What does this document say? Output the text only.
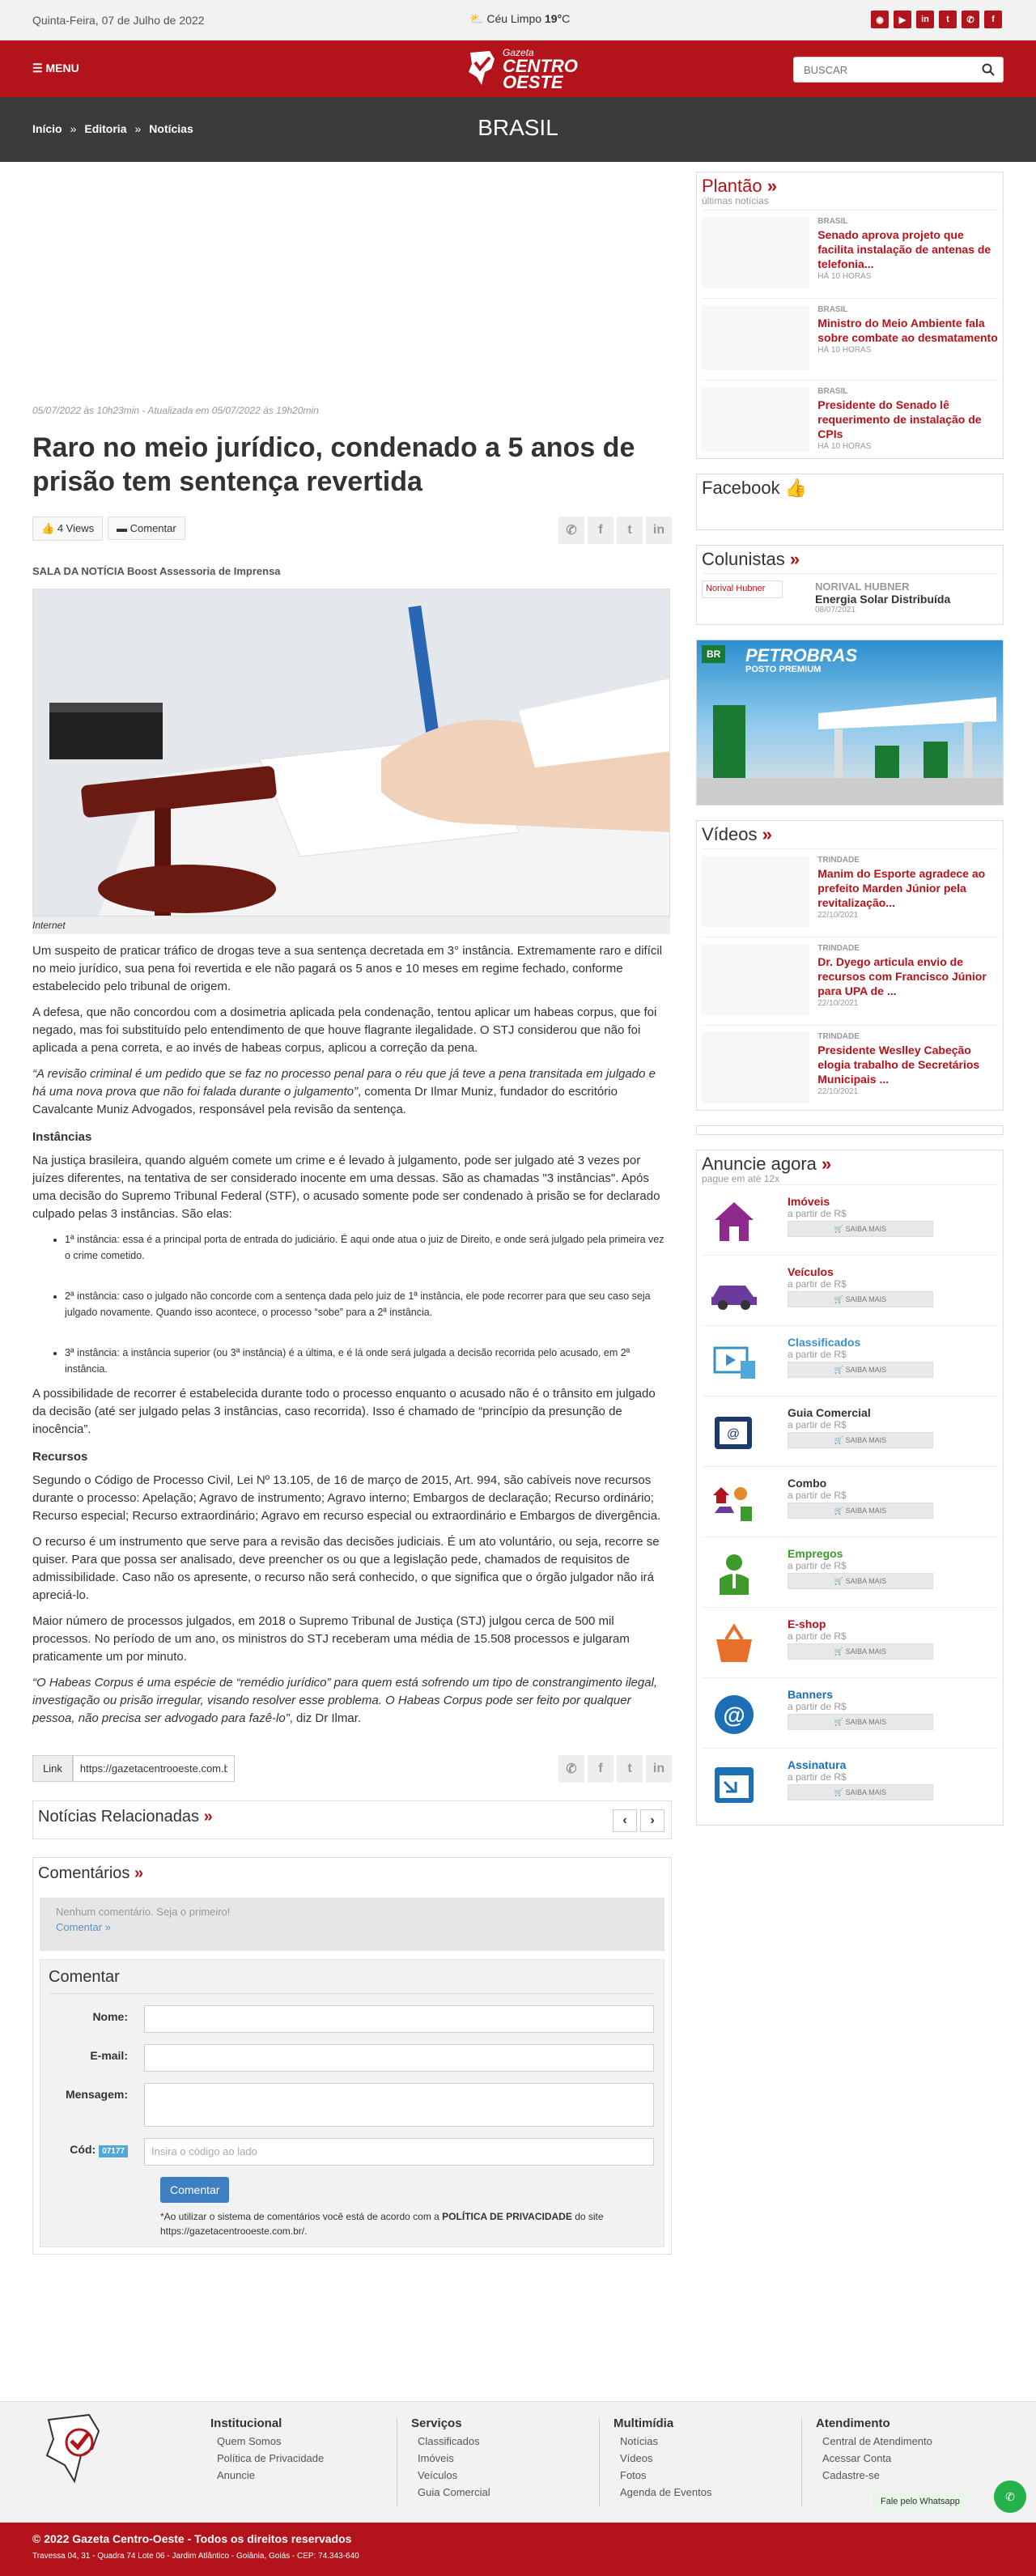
Quinta-Feira, 07 de Julho de 2022	⛅ Céu Limpo 19°C	◉	▶	in	t	✆	f
☰ MENU
Gazeta
CENTRO
OESTE
BUSCAR
BRASIL
Início » Editoria » Notícias
05/07/2022 às 10h23min - Atualizada em 05/07/2022 às 19h20min
Raro no meio jurídico, condenado a 5 anos de prisão tem sentença revertida
👍 4 Views ▬ Comentar	✆	f	t	in
SALA DA NOTÍCIA Boost Assessoria de Imprensa
Internet

Um suspeito de praticar tráfico de drogas teve a sua sentença decretada em 3° instância. Extremamente raro e difícil no meio jurídico, sua pena foi revertida e ele não pagará os 5 anos e 10 meses em regime fechado, conforme estabelecido pelo tribunal de origem.

A defesa, que não concordou com a dosimetria aplicada pela condenação, tentou aplicar um habeas corpus, que foi negado, mas foi substituído pelo entendimento de que houve flagrante ilegalidade. O STJ considerou que não foi aplicada a pena correta, e ao invés de habeas corpus, aplicou a correção da pena.

“A revisão criminal é um pedido que se faz no processo penal para o réu que já teve a pena transitada em julgado e há uma nova prova que não foi falada durante o julgamento”, comenta Dr Ilmar Muniz, fundador do escritório Cavalcante Muniz Advogados, responsável pela revisão da sentença.

Instâncias

Na justiça brasileira, quando alguém comete um crime e é levado à julgamento, pode ser julgado até 3 vezes por juízes diferentes, na tentativa de ser considerado inocente em uma dessas. São as chamadas "3 instâncias". Após uma decisão do Supremo Tribunal Federal (STF), o acusado somente pode ser condenado à prisão se for declarado culpado pelas 3 instâncias. São elas:

• 1ª instância: essa é a principal porta de entrada do judiciário. É aqui onde atua o juiz de Direito, e onde será julgado pela primeira vez o crime cometido.
• 2ª instância: caso o julgado não concorde com a sentença dada pelo juiz de 1ª instância, ele pode recorrer para que seu caso seja julgado novamente. Quando isso acontece, o processo “sobe” para a 2ª instância.
• 3ª instância: a instância superior (ou 3ª instância) é a última, e é lá onde será julgada a decisão recorrida pelo acusado, em 2ª instância.

A possibilidade de recorrer é estabelecida durante todo o processo enquanto o acusado não é o trânsito em julgado da decisão (até ser julgado pelas 3 instâncias, caso recorrida). Isso é chamado de “princípio da presunção de inocência”.

Recursos

Segundo o Código de Processo Civil, Lei Nº 13.105, de 16 de março de 2015, Art. 994, são cabíveis nove recursos durante o processo: Apelação; Agravo de instrumento; Agravo interno; Embargos de declaração; Recurso ordinário; Recurso especial; Recurso extraordinário; Agravo em recurso especial ou extraordinário e Embargos de divergência.

O recurso é um instrumento que serve para a revisão das decisões judiciais. É um ato voluntário, ou seja, recorre se quiser. Para que possa ser analisado, deve preencher os ou que a legislação pede, chamados de requisitos de admissibilidade. Caso não os apresente, o recurso não será conhecido, o que significa que o órgão julgador não irá apreciá-lo.

Maior número de processos julgados, em 2018 o Supremo Tribunal de Justiça (STJ) julgou cerca de 500 mil processos. No período de um ano, os ministros do STJ receberam uma média de 15.508 processos e julgaram praticamente um por minuto.

“O Habeas Corpus é uma espécie de “remédio jurídico” para quem está sofrendo um tipo de constrangimento ilegal, investigação ou prisão irregular, visando resolver esse problema. O Habeas Corpus pode ser feito por qualquer pessoa, não precisa ser advogado para fazê-lo”, diz Dr Ilmar.

Linkhttps://gazetacentrooeste.com.br/noticia/	✆	f	t	in
Notícias Relacionadas »	‹	›
Comentários »
Nenhum comentário. Seja o primeiro!
Comentar »
Comentar
Nome:
E-mail:
Mensagem:
Cód: 07177	Insira o código ao lado
Comentar
*Ao utilizar o sistema de comentários você está de acordo com a POLÍTICA DE PRIVACIDADE do site https://gazetacentrooeste.com.br/.
Plantão »
últimas notícias
BRASIL
Senado aprova projeto que facilita instalação de antenas de telefonia...
HÁ 10 HORAS
BRASIL
Ministro do Meio Ambiente fala sobre combate ao desmatamento
HÁ 10 HORAS
BRASIL
Presidente do Senado lê requerimento de instalação de CPIs
HÁ 10 HORAS
Facebook 👍
Colunistas »
Norival Hubner	NORIVAL HUBNER
Energia Solar Distribuída
08/07/2021
BR PETROBRAS
POSTO PREMIUM
Vídeos »
TRINDADE
Manim do Esporte agradece ao prefeito Marden Júnior pela revitalização...
22/10/2021
TRINDADE
Dr. Dyego articula envio de recursos com Francisco Júnior para UPA de ...
22/10/2021
TRINDADE
Presidente Weslley Cabeção elogia trabalho de Secretários Municipais ...
22/10/2021
Anuncie agora »
pague em até 12x
Imóveis
a partir de R$
🛒 SAIBA MAIS
Veículos
a partir de R$
🛒 SAIBA MAIS
Classificados
a partir de R$
🛒 SAIBA MAIS
@
Guia Comercial
a partir de R$
🛒 SAIBA MAIS
Combo
a partir de R$
🛒 SAIBA MAIS
Empregos
a partir de R$
🛒 SAIBA MAIS
E-shop
a partir de R$
🛒 SAIBA MAIS
@
Banners
a partir de R$
🛒 SAIBA MAIS
Assinatura
a partir de R$
🛒 SAIBA MAIS
Institucional
Quem Somos
Política de Privacidade
Anuncie
Serviços
Classificados
Imóveis
Veículos
Guia Comercial
Multimídia
Notícias
Vídeos
Fotos
Agenda de Eventos
Atendimento
Central de Atendimento
Acessar Conta
Cadastre-se
Fale pelo Whatsapp	✆
© 2022 Gazeta Centro-Oeste - Todos os direitos reservados
Travessa 04, 31 - Quadra 74 Lote 06 - Jardim Atlântico - Goiânia, Goiás - CEP: 74.343-640
